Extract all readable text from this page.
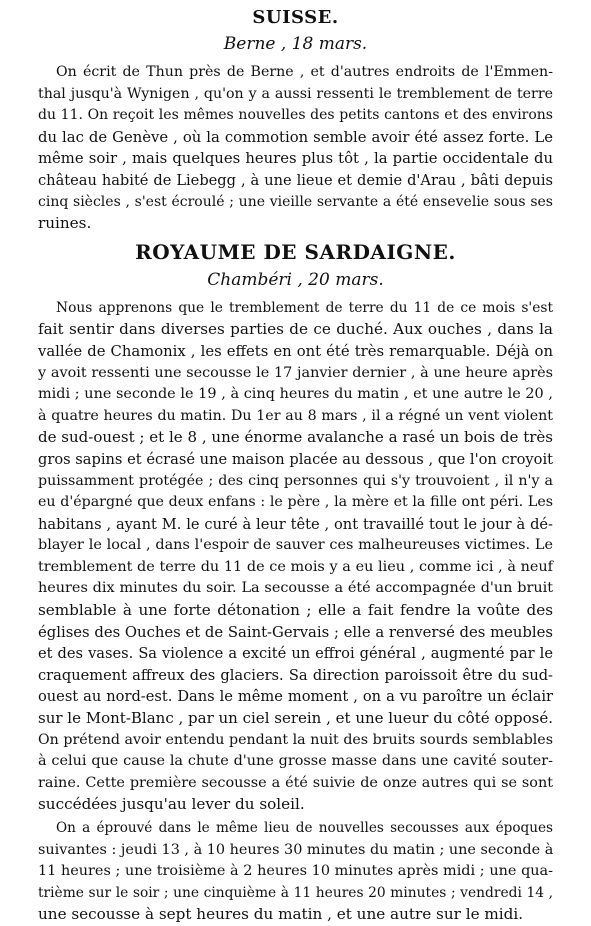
SUISSE.
Berne , 18 mars.

On écrit de Thun près de Berne , et d'autres endroits de l'Emmen-
thal jusqu'à Wynigen , qu'on y a aussi ressenti le tremblement de terre
du 11. On reçoit les mêmes nouvelles des petits cantons et des environs
du lac de Genève , où la commotion semble avoir été assez forte. Le
même soir , mais quelques heures plus tôt , la partie occidentale du
château habité de Liebegg , à une lieue et demie d'Arau , bâti depuis
cinq siècles , s'est écroulé ; une vieille servante a été ensevelie sous ses
ruines.

ROYAUME DE SARDAIGNE.
Chambéri , 20 mars.

Nous apprenons que le tremblement de terre du 11 de ce mois s'est
fait sentir dans diverses parties de ce duché. Aux ouches , dans la
vallée de Chamonix , les effets en ont été très remarquable. Déjà on
y avoit ressenti une secousse le 17 janvier dernier , à une heure après
midi ; une seconde le 19 , à cinq heures du matin , et une autre le 20 ,
à quatre heures du matin. Du 1er au 8 mars , il a régné un vent violent
de sud-ouest ; et le 8 , une énorme avalanche a rasé un bois de très
gros sapins et écrasé une maison placée au dessous , que l'on croyoit
puissamment protégée ; des cinq personnes qui s'y trouvoient , il n'y a
eu d'épargné que deux enfans : le père , la mère et la fille ont péri. Les
habitans , ayant M. le curé à leur tête , ont travaillé tout le jour à dé-
blayer le local , dans l'espoir de sauver ces malheureuses victimes. Le
tremblement de terre du 11 de ce mois y a eu lieu , comme ici , à neuf
heures dix minutes du soir. La secousse a été accompagnée d'un bruit
semblable à une forte détonation ; elle a fait fendre la voûte des
églises des Ouches et de Saint-Gervais ; elle a renversé des meubles
et des vases. Sa violence a excité un effroi général , augmenté par le
craquement affreux des glaciers. Sa direction paroissoit être du sud-
ouest au nord-est. Dans le même moment , on a vu paroître un éclair
sur le Mont-Blanc , par un ciel serein , et une lueur du côté opposé.
On prétend avoir entendu pendant la nuit des bruits sourds semblables
à celui que cause la chute d'une grosse masse dans une cavité souter-
raine. Cette première secousse a été suivie de onze autres qui se sont
succédées jusqu'au lever du soleil.

On a éprouvé dans le même lieu de nouvelles secousses aux époques
suivantes : jeudi 13 , à 10 heures 30 minutes du matin ; une seconde à
11 heures ; une troisième à 2 heures 10 minutes après midi ; une qua-
trième sur le soir ; une cinquième à 11 heures 20 minutes ; vendredi 14 ,
une secousse à sept heures du matin , et une autre sur le midi.
